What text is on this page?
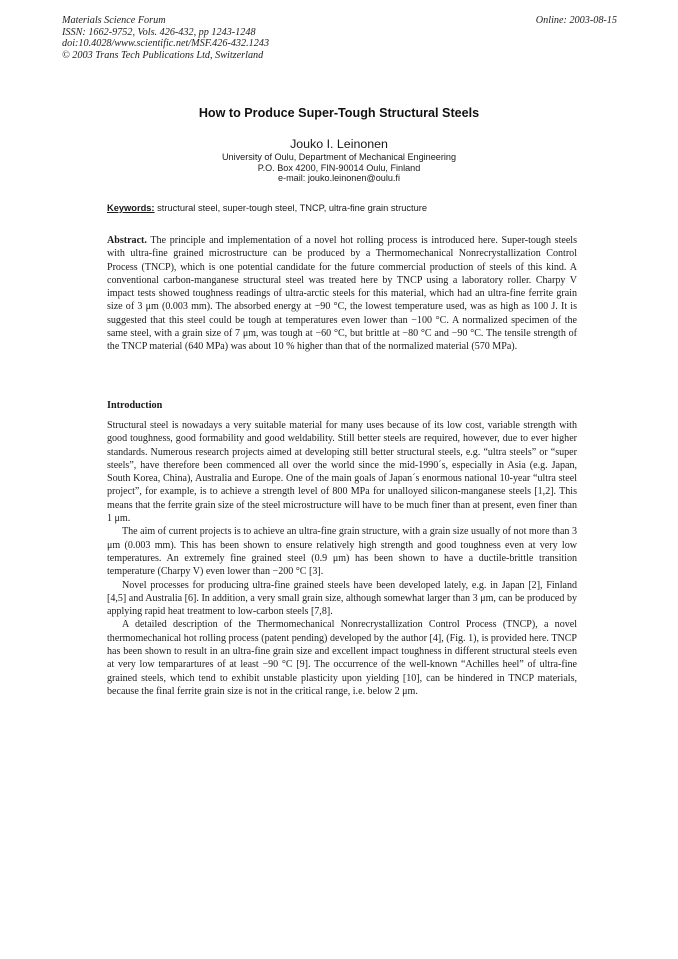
Materials Science Forum
ISSN: 1662-9752, Vols. 426-432, pp 1243-1248
doi:10.4028/www.scientific.net/MSF.426-432.1243
© 2003 Trans Tech Publications Ltd, Switzerland
Online: 2003-08-15
How to Produce Super-Tough Structural Steels
Jouko I. Leinonen
University of Oulu, Department of Mechanical Engineering
P.O. Box 4200, FIN-90014 Oulu, Finland
e-mail: jouko.leinonen@oulu.fi
Keywords: structural steel, super-tough steel, TNCP, ultra-fine grain structure
Abstract. The principle and implementation of a novel hot rolling process is introduced here. Super-tough steels with ultra-fine grained microstructure can be produced by a Thermomechanical Nonrecrystallization Control Process (TNCP), which is one potential candidate for the future commercial production of steels of this kind. A conventional carbon-manganese structural steel was treated here by TNCP using a laboratory roller. Charpy V impact tests showed toughness readings of ultra-arctic steels for this material, which had an ultra-fine ferrite grain size of 3 μm (0.003 mm). The absorbed energy at −90 °C, the lowest temperature used, was as high as 100 J. It is suggested that this steel could be tough at temperatures even lower than −100 °C. A normalized specimen of the same steel, with a grain size of 7 μm, was tough at −60 °C, but brittle at −80 °C and −90 °C. The tensile strength of the TNCP material (640 MPa) was about 10 % higher than that of the normalized material (570 MPa).
Introduction

Structural steel is nowadays a very suitable material for many uses because of its low cost, variable strength with good toughness, good formability and good weldability. Still better steels are required, however, due to ever higher standards. Numerous research projects aimed at developing still better structural steels, e.g. “ultra steels” or “super steels”, have therefore been commenced all over the world since the mid-1990´s, especially in Asia (e.g. Japan, South Korea, China), Australia and Europe. One of the main goals of Japan´s enormous national 10-year “ultra steel project”, for example, is to achieve a strength level of 800 MPa for unalloyed silicon-manganese steels [1,2]. This means that the ferrite grain size of the steel microstructure will have to be much finer than at present, even finer than 1 μm.

The aim of current projects is to achieve an ultra-fine grain structure, with a grain size usually of not more than 3 μm (0.003 mm). This has been shown to ensure relatively high strength and good toughness even at very low temperatures. An extremely fine grained steel (0.9 μm) has been shown to have a ductile-brittle transition temperature (Charpy V) even lower than −200 °C [3].

Novel processes for producing ultra-fine grained steels have been developed lately, e.g. in Japan [2], Finland [4,5] and Australia [6]. In addition, a very small grain size, although somewhat larger than 3 μm, can be produced by applying rapid heat treatment to low-carbon steels [7,8].

A detailed description of the Thermomechanical Nonrecrystallization Control Process (TNCP), a novel thermomechanical hot rolling process (patent pending) developed by the author [4], (Fig. 1), is provided here. TNCP has been shown to result in an ultra-fine grain size and excellent impact toughness in different structural steels even at very low temparartures of at least −90 °C [9]. The occurrence of the well-known “Achilles heel” of ultra-fine grained steels, which tend to exhibit unstable plasticity upon yielding [10], can be hindered in TNCP materials, because the final ferrite grain size is not in the critical range, i.e. below 2 μm.
